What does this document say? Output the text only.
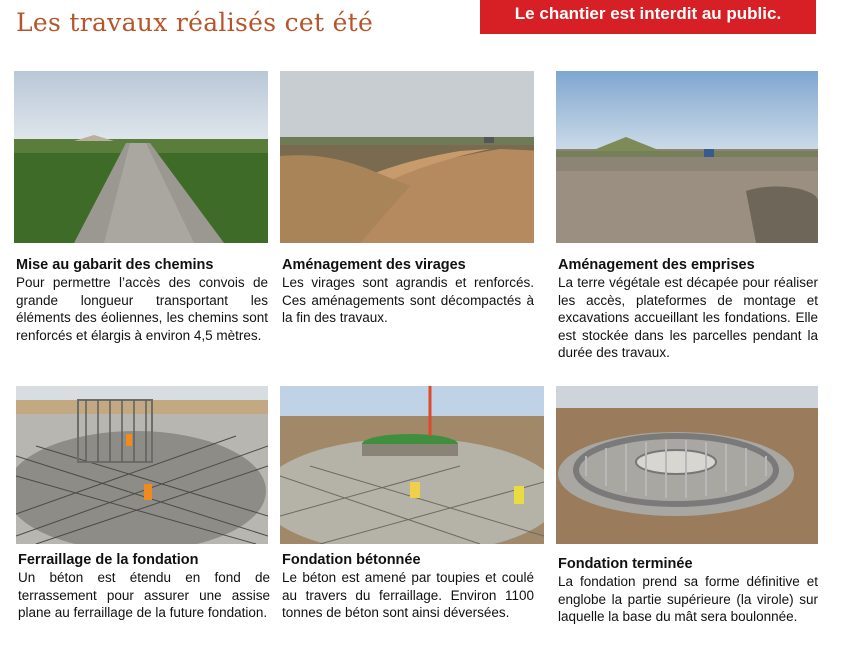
Les travaux réalisés cet été	Le chantier est interdit au public.
Mise au gabarit des chemins
Pour permettre l’accès des convois de grande longueur transportant les éléments des éoliennes, les chemins sont renforcés et élargis à environ 4,5 mètres.
Aménagement des virages
Les virages sont agrandis et renforcés. Ces aménagements sont décompactés à la fin des travaux.
Aménagement des emprises
La terre végétale est décapée pour réaliser les accès, plateformes de montage et excavations accueillant les fondations. Elle est stockée dans les parcelles pendant la durée des travaux.
Ferraillage de la fondation
Un béton est étendu en fond de terrassement pour assurer une assise plane au ferraillage de la future fondation.
Fondation bétonnée
Le béton est amené par toupies et coulé au travers du ferraillage. Environ 1100 tonnes de béton sont ainsi déversées.
Fondation terminée
La fondation prend sa forme définitive et englobe la partie supérieure (la virole) sur laquelle la base du mât sera boulonnée.
